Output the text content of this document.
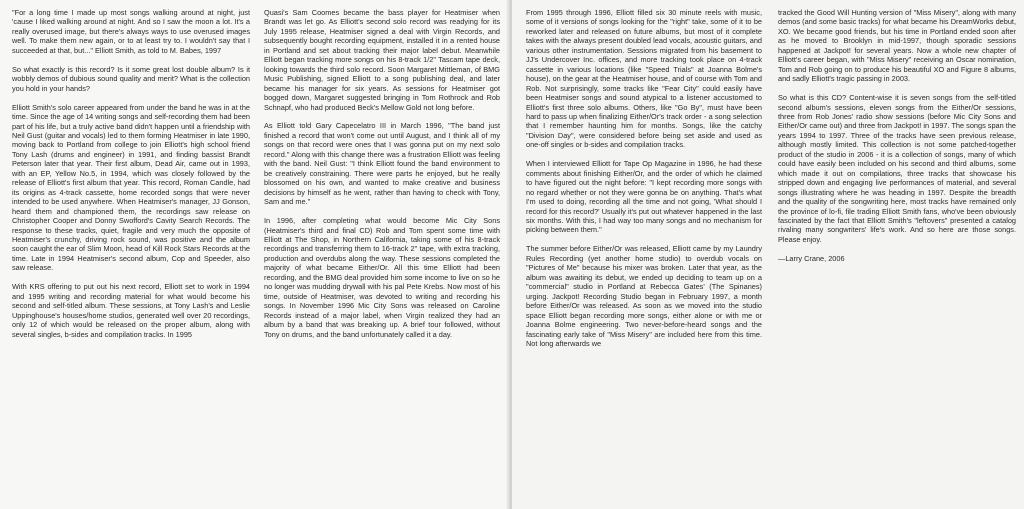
"For a long time I made up most songs walking around at night, just 'cause I liked walking around at night. And so I saw the moon a lot. It's a really overused image, but there's always ways to use overused images well. To make them new again, or to at least try to. I wouldn't say that I succeeded at that, but..." Elliott Smith, as told to M. Babes, 1997

So what exactly is this record? Is it some great lost double album? Is it wobbly demos of dubious sound quality and merit? What is the collection you hold in your hands?

Elliott Smith's solo career appeared from under the band he was in at the time. Since the age of 14 writing songs and self-recording them had been part of his life, but a truly active band didn't happen until a friendship with Neil Gust (guitar and vocals) led to them forming Heatmiser in late 1990, moving back to Portland from college to join Elliott's high school friend Tony Lash (drums and engineer) in 1991, and finding bassist Brandt Peterson later that year. Their first album, Dead Air, came out in 1993, with an EP, Yellow No.5, in 1994, which was closely followed by the release of Elliott's first album that year. This record, Roman Candle, had its origins as 4-track cassette, home recorded songs that were never intended to be used anywhere. When Heatmiser's manager, JJ Gonson, heard them and championed them, the recordings saw release on Christopher Cooper and Donny Swofford's Cavity Search Records. The response to these tracks, quiet, fragile and very much the opposite of Heatmiser's crunchy, driving rock sound, was positive and the album soon caught the ear of Slim Moon, head of Kill Rock Stars Records at the time. Late in 1994 Heatmiser's second album, Cop and Speeder, also saw release.

With KRS offering to put out his next record, Elliott set to work in 1994 and 1995 writing and recording material for what would become his second and self-titled album. These sessions, at Tony Lash's and Leslie Uppinghouse's houses/home studios, generated well over 20 recordings, only 12 of which would be released on the proper album, along with several singles, b-sides and compilation tracks. In 1995

Quasi's Sam Coomes became the bass player for Heatmiser when Brandt was let go. As Elliott's second solo record was readying for its July 1995 release, Heatmiser signed a deal with Virgin Records, and subsequently bought recording equipment, installed it in a rented house in Portland and set about tracking their major label debut. Meanwhile Elliott began tracking more songs on his 8-track 1/2" Tascam tape deck, looking towards the third solo record. Soon Margaret Mittleman, of BMG Music Publishing, signed Elliott to a song publishing deal, and later became his manager for six years. As sessions for Heatmiser got bogged down, Margaret suggested bringing in Tom Rothrock and Rob Schnapf, who had produced Beck's Mellow Gold not long before.

As Elliott told Gary Capecelatro III in March 1996, "The band just finished a record that won't come out until August, and I think all of my songs on that record were ones that I was gonna put on my next solo record." Along with this change there was a frustration Elliott was feeling with the band. Neil Gust: "I think Elliott found the band environment to be creatively constraining. There were parts he enjoyed, but he really blossomed on his own, and wanted to make creative and business decisions by himself as he went, rather than having to check with Tony, Sam and me."

In 1996, after completing what would become Mic City Sons (Heatmiser's third and final CD) Rob and Tom spent some time with Elliott at The Shop, in Northern California, taking some of his 8-track recordings and transferring them to 16-track 2" tape, with extra tracking, production and overdubs along the way. These sessions completed the majority of what became Either/Or. All this time Elliott had been recording, and the BMG deal provided him some income to live on so he no longer was mudding drywall with his pal Pete Krebs. Now most of his time, outside of Heatmiser, was devoted to writing and recording his songs. In November 1996 Mic City Sons was released on Caroline Records instead of a major label, when Virgin realized they had an album by a band that was breaking up. A brief tour followed, without Tony on drums, and the band unfortunately called it a day.

From 1995 through 1996, Elliott filled six 30 minute reels with music, some of it versions of songs looking for the "right" take, some of it to be reworked later and released on future albums, but most of it complete takes with the always present doubled lead vocals, acoustic guitars, and various other instrumentation. Sessions migrated from his basement to JJ's Undercover Inc. offices, and more tracking took place on 4-track cassette in various locations (like "Speed Trials" at Joanna Bolme's house), on the gear at the Heatmiser house, and of course with Tom and Rob. Not surprisingly, some tracks like "Fear City" could easily have been Heatmiser songs and sound atypical to a listener accustomed to Elliott's first three solo albums. Others, like "Go By", must have been hard to pass up when finalizing Either/Or's track order - a song selection that I remember haunting him for months. Songs, like the catchy "Division Day", were considered before being set aside and used as one-off singles or b-sides and compilation tracks.

When I interviewed Elliott for Tape Op Magazine in 1996, he had these comments about finishing Either/Or, and the order of which he claimed to have figured out the night before: "I kept recording more songs with no regard whether or not they were gonna be on anything. That's what I'm used to doing, recording all the time and not going, 'What should I record for this record?' Usually it's put out whatever happened in the last six months. With this, I had way too many songs and no mechanism for picking between them."

The summer before Either/Or was released, Elliott came by my Laundry Rules Recording (yet another home studio) to overdub vocals on "Pictures of Me" because his mixer was broken. Later that year, as the album was awaiting its debut, we ended up deciding to team up on a "commercial" studio in Portland at Rebecca Gates' (The Spinanes) urging. Jackpot! Recording Studio began in February 1997, a month before Either/Or was released. As soon as we moved into the studio space Elliott began recording more songs, either alone or with me or Joanna Bolme engineering. Two never-before-heard songs and the fascinating early take of "Miss Misery" are included here from this time. Not long afterwards we

tracked the Good Will Hunting version of "Miss Misery", along with many demos (and some basic tracks) for what became his DreamWorks debut, XO. We became good friends, but his time in Portland ended soon after as he moved to Brooklyn in mid-1997, though sporadic sessions happened at Jackpot! for several years. Now a whole new chapter of Elliott's career began, with "Miss Misery" receiving an Oscar nomination, Tom and Rob going on to produce his beautiful XO and Figure 8 albums, and sadly Elliott's tragic passing in 2003.

So what is this CD? Content-wise it is seven songs from the self-titled second album's sessions, eleven songs from the Either/Or sessions, three from Rob Jones' radio show sessions (before Mic City Sons and Either/Or came out) and three from Jackpot! in 1997. The songs span the years 1994 to 1997. Three of the tracks have seen previous release, although mostly limited. This collection is not some patched-together product of the studio in 2006 - it is a collection of songs, many of which could have easily been included on his second and third albums, some which made it out on compilations, three tracks that showcase his stripped down and engaging live performances of material, and several songs illustrating where he was heading in 1997. Despite the breadth and the quality of the songwriting here, most tracks have remained only the province of lo-fi, file trading Elliott Smith fans, who've been obviously fascinated by the fact that Elliott Smith's "leftovers" presented a catalog rivaling many songwriters' life's work. And so here are those songs. Please enjoy.

—Larry Crane, 2006
